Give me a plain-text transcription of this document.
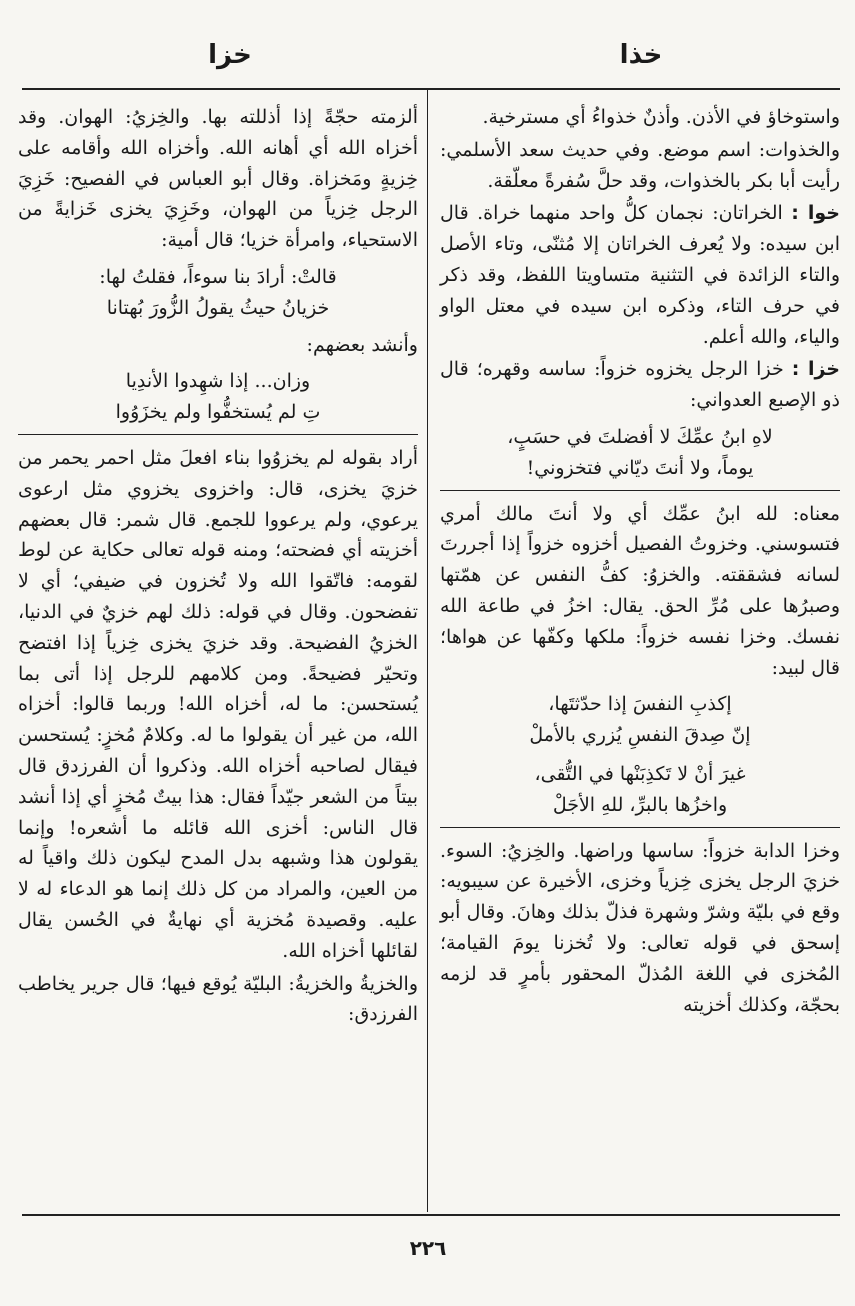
خذا
خزا

واستوخاؤ في الأذن. وأذنٌ خذواءُ أي مسترخية.

والخذوات: اسم موضع. وفي حديث سعد الأسلمي: رأيت أبا بكر بالخذوات، وقد حلَّ سُفرةً معلّقة.

خوا : الخراتان: نجمان كلُّ واحد منهما خراة. قال ابن سيده: ولا يُعرف الخراتان إلا مُثنّى، وتاء الأصل والتاء الزائدة في التثنية متساويتا اللفظ، وقد ذكر في حرف التاء، وذكره ابن سيده في معتل الواو والياء، والله أعلم.

خزا : خزا الرجل يخزوه خزواً: ساسه وقهره؛ قال ذو الإصبع العدواني:

لاهِ ابنُ عمِّكَ لا أفضلتَ في حسَبٍ،
يوماً، ولا أنتَ ديّاني فتخزوني!

معناه: لله ابنُ عمِّك أي ولا أنتَ مالك أمري فتسوسني. وخزوتُ الفصيل أخزوه خزواً إذا أجررتَ لسانه فشققته. والخزوُ: كفُّ النفس عن همّتها وصبرُها على مُرِّ الحق. يقال: اخزُ في طاعة الله نفسك. وخزا نفسه خزواً: ملكها وكفّها عن هواها؛ قال لبيد:

إكذبِ النفسَ إذا حدّثتَها،
إنّ صِدقَ النفسِ يُزري بالأملْ
غيرَ أنْ لا تَكذِبَنْها في التُّقى،
واخزُها بالبرِّ، للهِ الأجَلْ

وخزا الدابة خزواً: ساسها وراضها. والخِزيُ: السوء. خزيَ الرجل يخزى خِزياً وخزى، الأخيرة عن سيبويه: وقع في بليّة وشرّ وشهرة فذلّ بذلك وهانَ. وقال أبو إسحق في قوله تعالى: ولا تُخزنا يومَ القيامة؛ المُخزى في اللغة المُذلّ المحقور بأمرٍ قد لزمه بحجّة، وكذلك أخزيته

ألزمته حجّةً إذا أذللته بها. والخِزيُ: الهوان. وقد أخزاه الله أي أهانه الله. وأخزاه الله وأقامه على خِزيةٍ ومَخزاة. وقال أبو العباس في الفصيح: خَزِيَ الرجل خِزياً من الهوان، وخَزِيَ يخزى خَزايةً من الاستحياء، وامرأة خزيا؛ قال أمية:

قالتْ: أرادَ بنا سوءاً، فقلتُ لها:
خزيانُ حيثُ يقولُ الزُّورَ بُهتانا

وأنشد بعضهم:

وزان... إذا شهِدوا الأندِيا
تِ لم يُستخفُّوا ولم يخزَوُوا

أراد بقوله لم يخزوُوا بناء افعلَ مثل احمر يحمر من خزيَ يخزى، قال: واخزوى يخزوي مثل ارعوى يرعوي، ولم يرعووا للجمع. قال شمر: قال بعضهم أخزيته أي فضحته؛ ومنه قوله تعالى حكاية عن لوط لقومه: فاتّقوا الله ولا تُخزون في ضيفي؛ أي لا تفضحون. وقال في قوله: ذلك لهم خزيٌ في الدنيا، الخزيُ الفضيحة. وقد خزيَ يخزى خِزياً إذا افتضح وتحيّر فضيحةً. ومن كلامهم للرجل إذا أتى بما يُستحسن: ما له، أخزاه الله! وربما قالوا: أخزاه الله، من غير أن يقولوا ما له. وكلامٌ مُخزٍ: يُستحسن فيقال لصاحبه أخزاه الله. وذكروا أن الفرزدق قال بيتاً من الشعر جيّداً فقال: هذا بيتٌ مُخزٍ أي إذا أنشد قال الناس: أخزى الله قائله ما أشعره! وإنما يقولون هذا وشبهه بدل المدح ليكون ذلك واقياً له من العين، والمراد من كل ذلك إنما هو الدعاء له لا عليه. وقصيدة مُخزية أي نهايةٌ في الحُسن يقال لقائلها أخزاه الله.

والخزيةُ والخزيةُ: البليّة يُوقع فيها؛ قال جرير يخاطب الفرزدق:

٢٢٦
